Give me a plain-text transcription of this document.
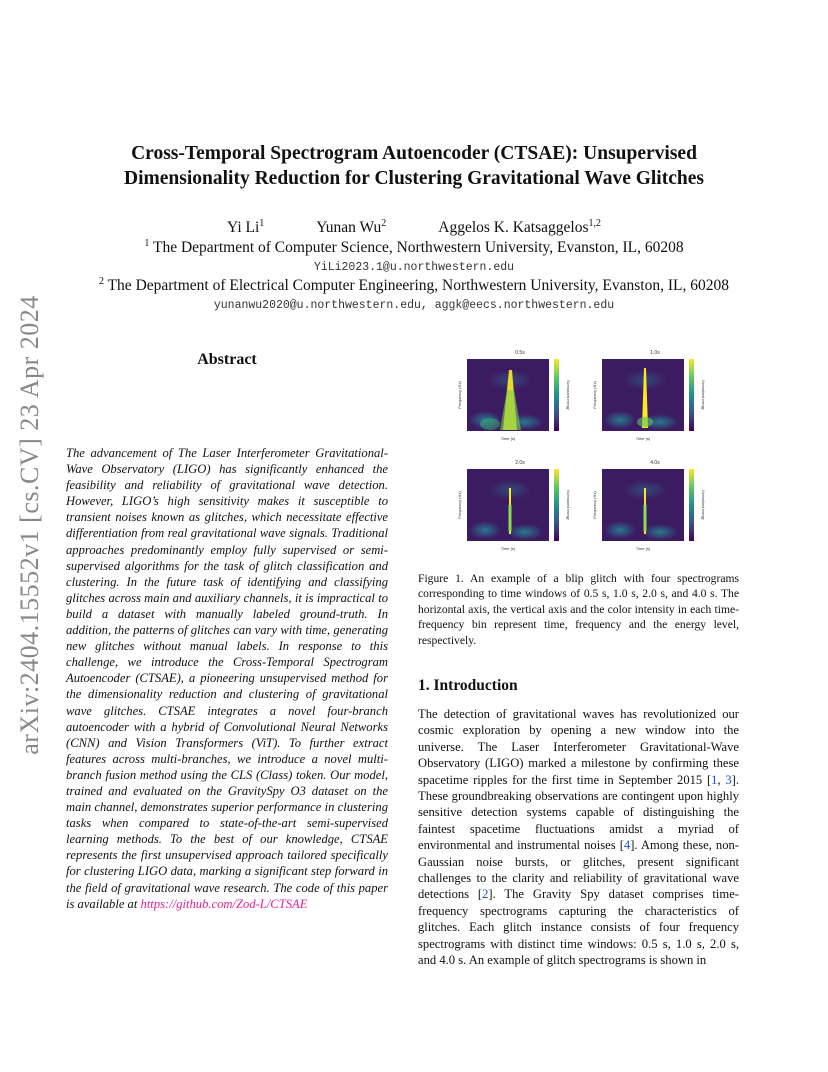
arXiv:2404.15552v1 [cs.CV] 23 Apr 2024
Cross-Temporal Spectrogram Autoencoder (CTSAE): Unsupervised
Dimensionality Reduction for Clustering Gravitational Wave Glitches
Yi Li$^1$	Yunan Wu$^2$	Aggelos K. Katsaggelos$^{1,2}$
$^1$ The Department of Computer Science, Northwestern University, Evanston, IL, 60208
YiLi2023.1@u.northwestern.edu
$^2$ The Department of Electrical Computer Engineering, Northwestern University, Evanston, IL, 60208
yunanwu2020@u.northwestern.edu, aggk@eecs.northwestern.edu
Abstract
The advancement of The Laser Interferometer Gravitational-Wave Observatory (LIGO) has significantly enhanced the feasibility and reliability of gravitational wave detection. However, LIGO’s high sensitivity makes it susceptible to transient noises known as glitches, which necessitate effective differentiation from real gravitational wave signals. Traditional approaches predominantly employ fully supervised or semi-supervised algorithms for the task of glitch classification and clustering. In the future task of identifying and classifying glitches across main and auxiliary channels, it is impractical to build a dataset with manually labeled ground-truth. In addition, the patterns of glitches can vary with time, generating new glitches without manual labels. In response to this challenge, we introduce the Cross-Temporal Spectrogram Autoencoder (CTSAE), a pioneering unsupervised method for the dimensionality reduction and clustering of gravitational wave glitches. CTSAE integrates a novel four-branch autoencoder with a hybrid of Convolutional Neural Networks (CNN) and Vision Transformers (ViT). To further extract features across multi-branches, we introduce a novel multi-branch fusion method using the CLS (Class) token. Our model, trained and evaluated on the GravitySpy O3 dataset on the main channel, demonstrates superior performance in clustering tasks when compared to state-of-the-art semi-supervised learning methods. To the best of our knowledge, CTSAE represents the first unsupervised approach tailored specifically for clustering LIGO data, marking a significant step forward in the field of gravitational wave research. The code of this paper is available at https://github.com/Zod-L/CTSAE
0.5s	1.0s
2.0s	4.0s
Figure 1. An example of a blip glitch with four spectrograms corresponding to time windows of 0.5 s, 1.0 s, 2.0 s, and 4.0 s. The horizontal axis, the vertical axis and the color intensity in each time-frequency bin represent time, frequency and the energy level, respectively.
1. Introduction
The detection of gravitational waves has revolutionized our cosmic exploration by opening a new window into the universe. The Laser Interferometer Gravitational-Wave Observatory (LIGO) marked a milestone by confirming these spacetime ripples for the first time in September 2015 [1, 3]. These groundbreaking observations are contingent upon highly sensitive detection systems capable of distinguishing the faintest spacetime fluctuations amidst a myriad of environmental and instrumental noises [4]. Among these, non-Gaussian noise bursts, or glitches, present significant challenges to the clarity and reliability of gravitational wave detections [2]. The Gravity Spy dataset comprises time-frequency spectrograms capturing the characteristics of glitches. Each glitch instance consists of four frequency spectrograms with distinct time windows: 0.5 s, 1.0 s, 2.0 s, and 4.0 s. An example of glitch spectrograms is shown in
